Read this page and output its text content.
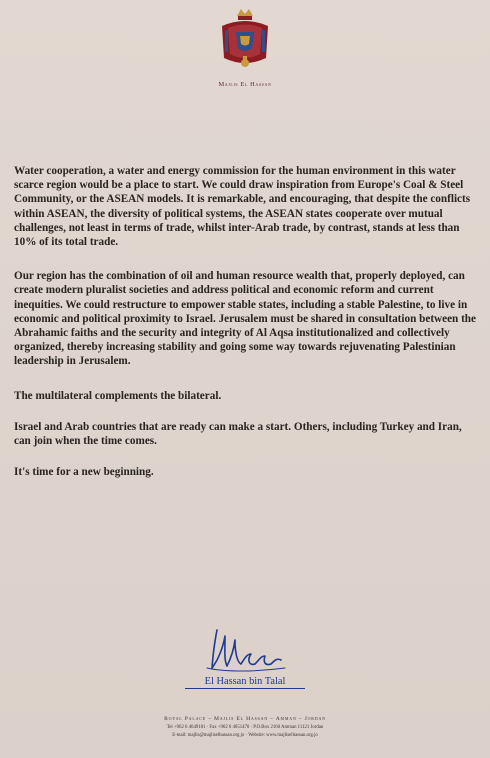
Majlis El Hassan

Water cooperation, a water and energy commission for the human environment in this water scarce region would be a place to start. We could draw inspiration from Europe's Coal & Steel Community, or the ASEAN models. It is remarkable, and encouraging, that despite the conflicts within ASEAN, the diversity of political systems, the ASEAN states cooperate over mutual challenges, not least in terms of trade, whilst inter-Arab trade, by contrast, stands at less than 10% of its total trade.

Our region has the combination of oil and human resource wealth that, properly deployed, can create modern pluralist societies and address political and economic reform and current inequities. We could restructure to empower stable states, including a stable Palestine, to live in economic and political proximity to Israel. Jerusalem must be shared in consultation between the Abrahamic faiths and the security and integrity of Al Aqsa institutionalized and collectively organized, thereby increasing stability and going some way towards rejuvenating Palestinian leadership in Jerusalem.

The multilateral complements the bilateral.

Israel and Arab countries that are ready can make a start. Others, including Turkey and Iran, can join when the time comes.

It's time for a new beginning.

El Hassan bin Talal
Royal Palace – Majlis El Hassan – Amman – Jordan
Tel +962 6 4649181 · Fax +962 6 4651470 · P.O.Box 2160 Amman 11121 Jordan
E-mail: majlis@majliselhassan.org.jo · Website: www.majliselhassan.org.jo
